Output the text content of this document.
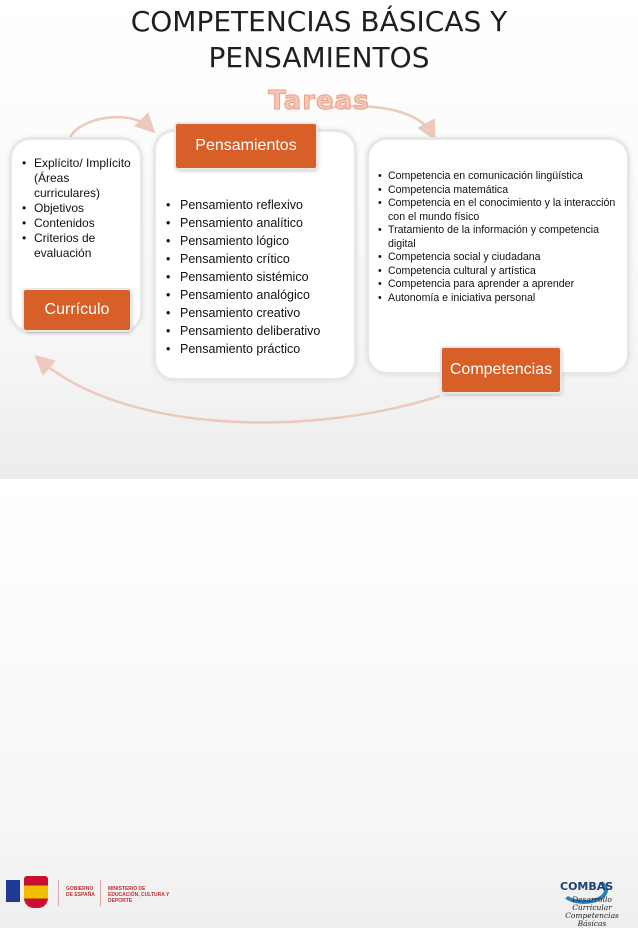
COMPETENCIAS BÁSICAS Y
PENSAMIENTOS
Tareas
• Explícito/ Implícito (Áreas curriculares)
• Objetivos
• Contenidos
• Criterios de evaluación
• Pensamiento reflexivo
• Pensamiento analítico
• Pensamiento lógico
• Pensamiento crítico
• Pensamiento sistémico
• Pensamiento analógico
• Pensamiento creativo
• Pensamiento deliberativo
• Pensamiento práctico
• Competencia en comunicación lingüística
• Competencia matemática
• Competencia en el conocimiento y la interacción con el mundo físico
• Tratamiento de la información y competencia digital
• Competencia social y ciudadana
• Competencia cultural y artística
• Competencia para aprender a aprender
• Autonomía e iniciativa personal
Currículo
Pensamientos
Competencias
GOBIERNO DE ESPAÑA
MINISTERIO DE EDUCACIÓN, CULTURA Y DEPORTE
COMBAS
Desarrollo Curricular
Competencias Básicas
